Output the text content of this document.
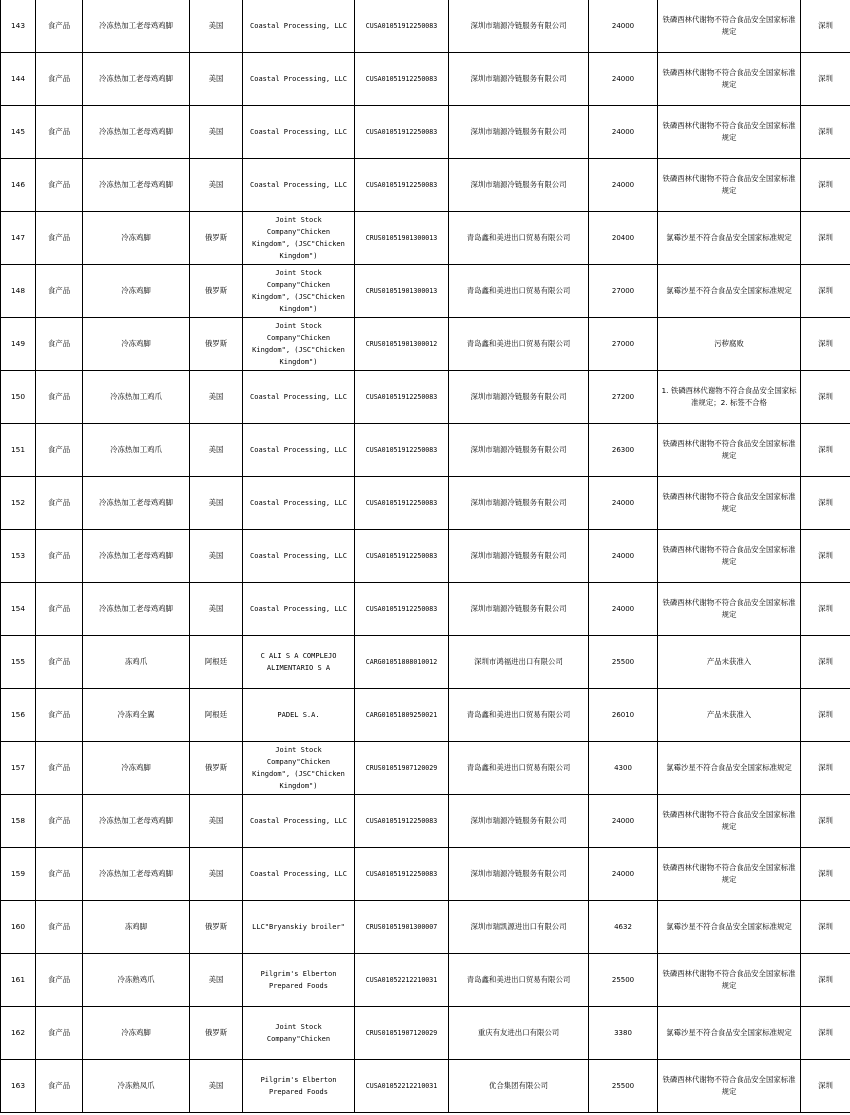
143	食产品	冷冻热加工老母鸡鸡脚	美国	Coastal Processing, LLC	CUSA01051912250083	深圳市瑞源冷链服务有限公司	24000	铁磷酉林代谢物不符合食品安全国家标准规定	深圳
144	食产品	冷冻热加工老母鸡鸡脚	美国	Coastal Processing, LLC	CUSA01051912250083	深圳市瑞源冷链服务有限公司	24000	铁磷酉林代谢物不符合食品安全国家标准规定	深圳
145	食产品	冷冻热加工老母鸡鸡脚	美国	Coastal Processing, LLC	CUSA01051912250083	深圳市瑞源冷链服务有限公司	24000	铁磷酉林代谢物不符合食品安全国家标准规定	深圳
146	食产品	冷冻热加工老母鸡鸡脚	美国	Coastal Processing, LLC	CUSA01051912250083	深圳市瑞源冷链服务有限公司	24000	铁磷酉林代谢物不符合食品安全国家标准规定	深圳
147	食产品	冷冻鸡脚	俄罗斯	Joint Stock Company"Chicken Kingdom", (JSC"Chicken Kingdom")	CRUS01051901300013	青岛鑫和美进出口贸易有限公司	20400	氯霉沙星不符合食品安全国家标准规定	深圳
148	食产品	冷冻鸡脚	俄罗斯	Joint Stock Company"Chicken Kingdom", (JSC"Chicken Kingdom")	CRUS01051901300013	青岛鑫和美进出口贸易有限公司	27000	氯霉沙星不符合食品安全国家标准规定	深圳
149	食产品	冷冻鸡脚	俄罗斯	Joint Stock Company"Chicken Kingdom", (JSC"Chicken Kingdom")	CRUS01051901300012	青岛鑫和美进出口贸易有限公司	27000	污秽腐败	深圳
150	食产品	冷冻热加工鸡爪	美国	Coastal Processing, LLC	CUSA01051912250083	深圳市瑞源冷链服务有限公司	27200	1. 铁磷酉林代谢物不符合食品安全国家标准规定；2. 标签不合格	深圳
151	食产品	冷冻热加工鸡爪	美国	Coastal Processing, LLC	CUSA01051912250083	深圳市瑞源冷链服务有限公司	26300	铁磷酉林代谢物不符合食品安全国家标准规定	深圳
152	食产品	冷冻热加工老母鸡鸡脚	美国	Coastal Processing, LLC	CUSA01051912250083	深圳市瑞源冷链服务有限公司	24000	铁磷酉林代谢物不符合食品安全国家标准规定	深圳
153	食产品	冷冻热加工老母鸡鸡脚	美国	Coastal Processing, LLC	CUSA01051912250083	深圳市瑞源冷链服务有限公司	24000	铁磷酉林代谢物不符合食品安全国家标准规定	深圳
154	食产品	冷冻热加工老母鸡鸡脚	美国	Coastal Processing, LLC	CUSA01051912250083	深圳市瑞源冷链服务有限公司	24000	铁磷酉林代谢物不符合食品安全国家标准规定	深圳
155	食产品	冻鸡爪	阿根廷	C ALI S A COMPLEJO ALIMENTARIO S A	CARG01051808010012	深圳市鸿福进出口有限公司	25500	产品未获准入	深圳
156	食产品	冷冻鸡全翼	阿根廷	PADEL S.A.	CARG01051809250021	青岛鑫和美进出口贸易有限公司	26010	产品未获准入	深圳
157	食产品	冷冻鸡脚	俄罗斯	Joint Stock Company"Chicken Kingdom", (JSC"Chicken Kingdom")	CRUS01051907120029	青岛鑫和美进出口贸易有限公司	4300	氯霉沙星不符合食品安全国家标准规定	深圳
158	食产品	冷冻热加工老母鸡鸡脚	美国	Coastal Processing, LLC	CUSA01051912250083	深圳市瑞源冷链服务有限公司	24000	铁磷酉林代谢物不符合食品安全国家标准规定	深圳
159	食产品	冷冻热加工老母鸡鸡脚	美国	Coastal Processing, LLC	CUSA01051912250083	深圳市瑞源冷链服务有限公司	24000	铁磷酉林代谢物不符合食品安全国家标准规定	深圳
160	食产品	冻鸡脚	俄罗斯	LLC"Bryanskiy broiler"	CRUS01051901300007	深圳市瑞凯源进出口有限公司	4632	氯霉沙星不符合食品安全国家标准规定	深圳
161	食产品	冷冻熟鸡爪	美国	Pilgrim's Elberton Prepared Foods	CUSA01052212210031	青岛鑫和美进出口贸易有限公司	25500	铁磷酉林代谢物不符合食品安全国家标准规定	深圳
162	食产品	冷冻鸡脚	俄罗斯	Joint Stock Company"Chicken	CRUS01051907120029	重庆有友进出口有限公司	3380	氯霉沙星不符合食品安全国家标准规定	深圳
163	食产品	冷冻熟凤爪	美国	Pilgrim's Elberton Prepared Foods	CUSA01052212210031	优合集团有限公司	25500	铁磷酉林代谢物不符合食品安全国家标准规定	深圳
